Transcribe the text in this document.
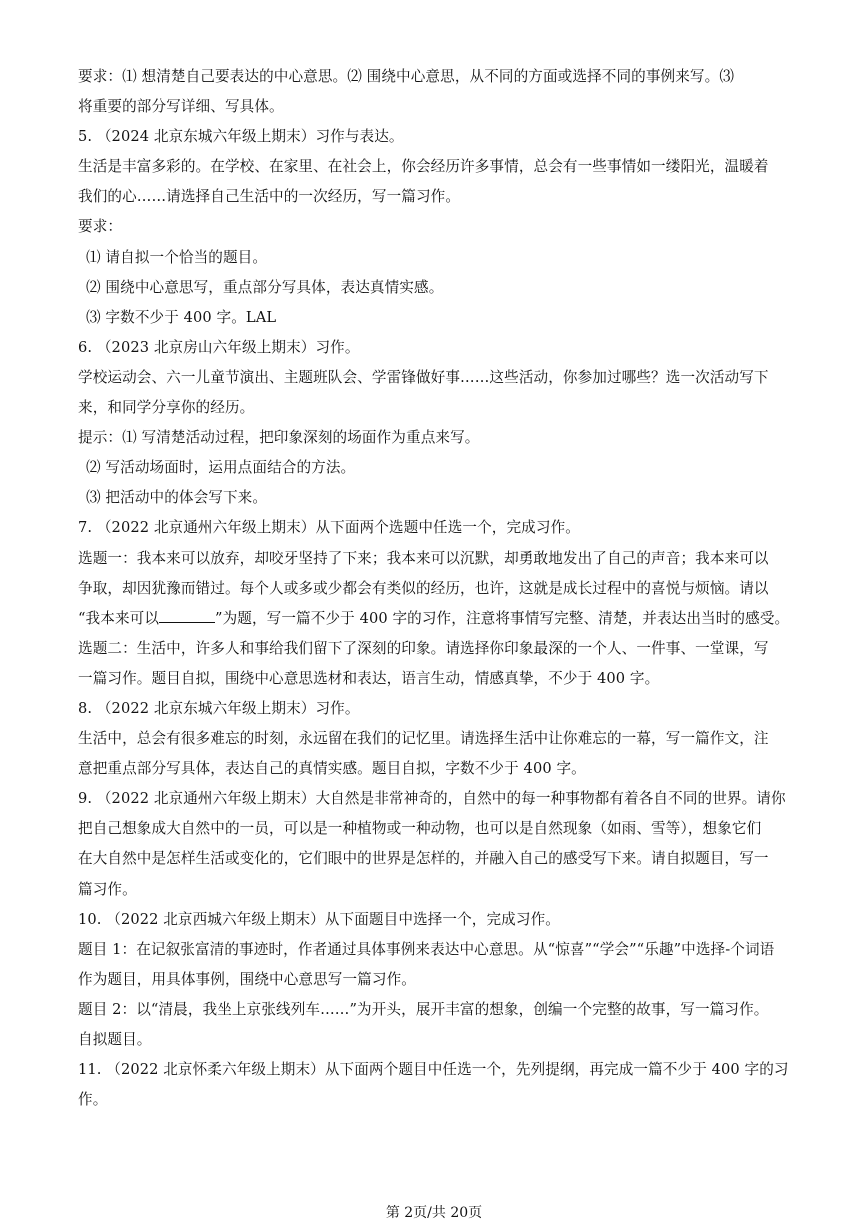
要求：⑴ 想清楚自己要表达的中心意思。⑵ 围绕中心意思，从不同的方面或选择不同的事例来写。⑶
将重要的部分写详细、写具体。
5. （2024 北京东城六年级上期末）习作与表达。
生活是丰富多彩的。在学校、在家里、在社会上，你会经历许多事情，总会有一些事情如一缕阳光，温暖着
我们的心……请选择自己生活中的一次经历，写一篇习作。
要求：
⑴ 请自拟一个恰当的题目。
⑵ 围绕中心意思写，重点部分写具体，表达真情实感。
⑶ 字数不少于 400 字。LAL
6. （2023 北京房山六年级上期末）习作。
学校运动会、六一儿童节演出、主题班队会、学雷锋做好事……这些活动，你参加过哪些？选一次活动写下
来，和同学分享你的经历。
提示：⑴ 写清楚活动过程，把印象深刻的场面作为重点来写。
⑵ 写活动场面时，运用点面结合的方法。
⑶ 把活动中的体会写下来。
7. （2022 北京通州六年级上期末）从下面两个选题中任选一个，完成习作。
选题一：我本来可以放弃，却咬牙坚持了下来；我本来可以沉默，却勇敢地发出了自己的声音；我本来可以
争取，却因犹豫而错过。每个人或多或少都会有类似的经历，也许，这就是成长过程中的喜悦与烦恼。请以
“我本来可以	”为题，写一篇不少于 400 字的习作，注意将事情写完整、清楚，并表达出当时的感受。
选题二：生活中，许多人和事给我们留下了深刻的印象。请选择你印象最深的一个人、一件事、一堂课，写
一篇习作。题目自拟，围绕中心意思选材和表达，语言生动，情感真挚，不少于 400 字。
8. （2022 北京东城六年级上期末）习作。
生活中，总会有很多难忘的时刻，永远留在我们的记忆里。请选择生活中让你难忘的一幕，写一篇作文，注
意把重点部分写具体，表达自己的真情实感。题目自拟，字数不少于 400 字。
9. （2022 北京通州六年级上期末）大自然是非常神奇的，自然中的每一种事物都有着各自不同的世界。请你
把自己想象成大自然中的一员，可以是一种植物或一种动物，也可以是自然现象（如雨、雪等），想象它们
在大自然中是怎样生活或变化的，它们眼中的世界是怎样的，并融入自己的感受写下来。请自拟题目，写一
篇习作。
10. （2022 北京西城六年级上期末）从下面题目中选择一个，完成习作。
题目 1：在记叙张富清的事迹时，作者通过具体事例来表达中心意思。从“惊喜”“学会”“乐趣”中选择-个词语
作为题目，用具体事例，围绕中心意思写一篇习作。
题目 2：以“清晨，我坐上京张线列车……”为开头，展开丰富的想象，创编一个完整的故事，写一篇习作。
自拟题目。
11. （2022 北京怀柔六年级上期末）从下面两个题目中任选一个，先列提纲，再完成一篇不少于 400 字的习
作。
第 2页/共 20页
